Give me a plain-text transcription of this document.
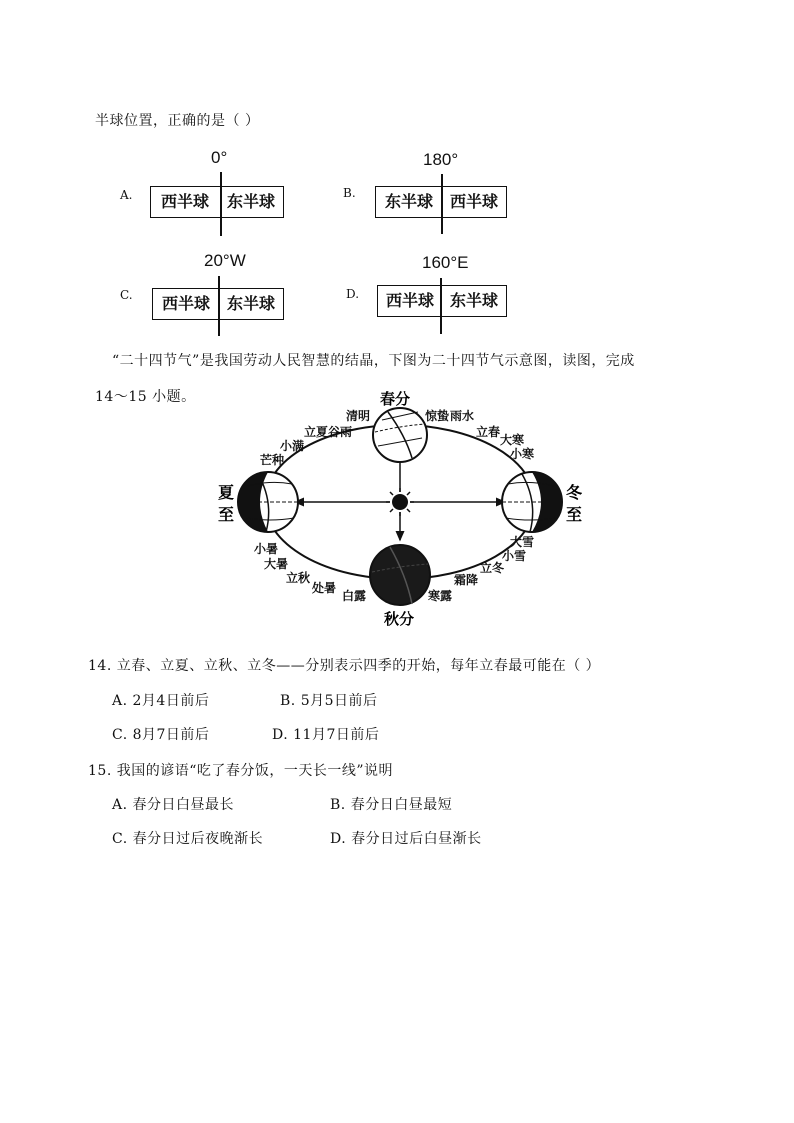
半球位置，正确的是（ ）
A.
0°
西半球	东半球	B.
180°
东半球	西半球
C.
20°W
西半球	东半球	D.
160°E
西半球 东半球
“二十四节气”是我国劳动人民智慧的结晶，下图为二十四节气示意图，读图，完成
14～15 小题。	春分
秋分
夏
至
冬
至
清明	惊蛰 雨水
立春
大寒
小寒
立夏 谷雨
小满
芒种
小暑
大暑
立秋
处暑
白露	寒露
霜降
立冬
小雪
大雪
14. 立春、立夏、立秋、立冬——分别表示四季的开始，每年立春最可能在（ ）
A. 2月4日前后	B. 5月5日前后
C. 8月7日前后	D. 11月7日前后
15. 我国的谚语“吃了春分饭，一天长一线”说明
A. 春分日白昼最长	B. 春分日白昼最短
C. 春分日过后夜晚渐长	D. 春分日过后白昼渐长
